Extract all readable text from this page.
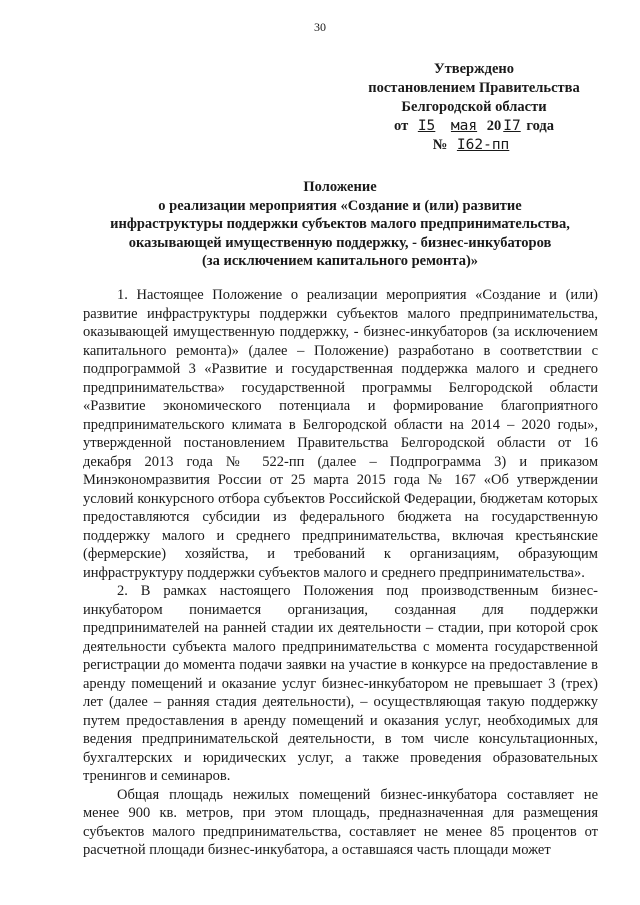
30
Утверждено
постановлением Правительства
Белгородской области
от I5 мая 20 I7 года
№ I62-пп
Положение
о реализации мероприятия «Создание и (или) развитие
инфраструктуры поддержки субъектов малого предпринимательства,
оказывающей имущественную поддержку, - бизнес-инкубаторов
(за исключением капитального ремонта)»

1. Настоящее Положение о реализации мероприятия «Создание и (или) развитие инфраструктуры поддержки субъектов малого предпринимательства, оказывающей имущественную поддержку, - бизнес-инкубаторов (за исключением капитального ремонта)» (далее – Положение) разработано в соответствии с подпрограммой 3 «Развитие и государственная поддержка малого и среднего предпринимательства» государственной программы Белгородской области «Развитие экономического потенциала и формирование благоприятного предпринимательского климата в Белгородской области на 2014 – 2020 годы», утвержденной постановлением Правительства Белгородской области от 16 декабря 2013 года № 522-пп (далее – Подпрограмма 3) и приказом Минэкономразвития России от 25 марта 2015 года № 167 «Об утверждении условий конкурсного отбора субъектов Российской Федерации, бюджетам которых предоставляются субсидии из федерального бюджета на государственную поддержку малого и среднего предпринимательства, включая крестьянские (фермерские) хозяйства, и требований к организациям, образующим инфраструктуру поддержки субъектов малого и среднего предпринимательства».

2. В рамках настоящего Положения под производственным бизнес-инкубатором понимается организация, созданная для поддержки предпринимателей на ранней стадии их деятельности – стадии, при которой срок деятельности субъекта малого предпринимательства с момента государственной регистрации до момента подачи заявки на участие в конкурсе на предоставление в аренду помещений и оказание услуг бизнес-инкубатором не превышает 3 (трех) лет (далее – ранняя стадия деятельности), – осуществляющая такую поддержку путем предоставления в аренду помещений и оказания услуг, необходимых для ведения предпринимательской деятельности, в том числе консультационных, бухгалтерских и юридических услуг, а также проведения образовательных тренингов и семинаров.

Общая площадь нежилых помещений бизнес-инкубатора составляет не менее 900 кв. метров, при этом площадь, предназначенная для размещения субъектов малого предпринимательства, составляет не менее 85 процентов от расчетной площади бизнес-инкубатора, а оставшаяся часть площади может
